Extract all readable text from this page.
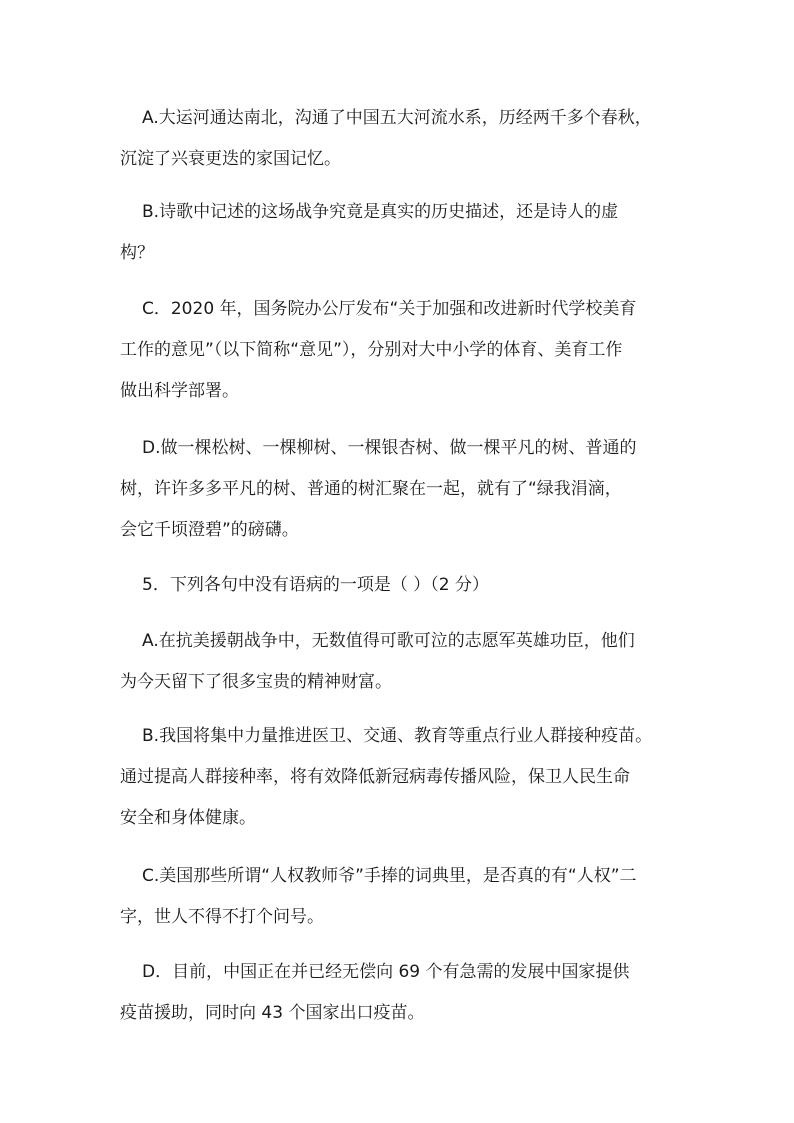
A.大运河通达南北，沟通了中国五大河流水系，历经两千多个春秋，
沉淀了兴衰更迭的家国记忆。
B.诗歌中记述的这场战争究竟是真实的历史描述，还是诗人的虚
构？
C．2020 年，国务院办公厅发布“关于加强和改进新时代学校美育
工作的意见”（以下简称“意见”），分别对大中小学的体育、美育工作
做出科学部署。
D.做一棵松树、一棵柳树、一棵银杏树、做一棵平凡的树、普通的
树，许许多多平凡的树、普通的树汇聚在一起，就有了“绿我涓滴，
会它千顷澄碧”的磅礴。
5．下列各句中没有语病的一项是（ ）（2 分）
A.在抗美援朝战争中，无数值得可歌可泣的志愿军英雄功臣，他们
为今天留下了很多宝贵的精神财富。
B.我国将集中力量推进医卫、交通、教育等重点行业人群接种疫苗。
通过提高人群接种率，将有效降低新冠病毒传播风险，保卫人民生命
安全和身体健康。
C.美国那些所谓“人权教师爷”手捧的词典里，是否真的有“人权”二
字，世人不得不打个问号。
D．目前，中国正在并已经无偿向 69 个有急需的发展中国家提供
疫苗援助，同时向 43 个国家出口疫苗。
